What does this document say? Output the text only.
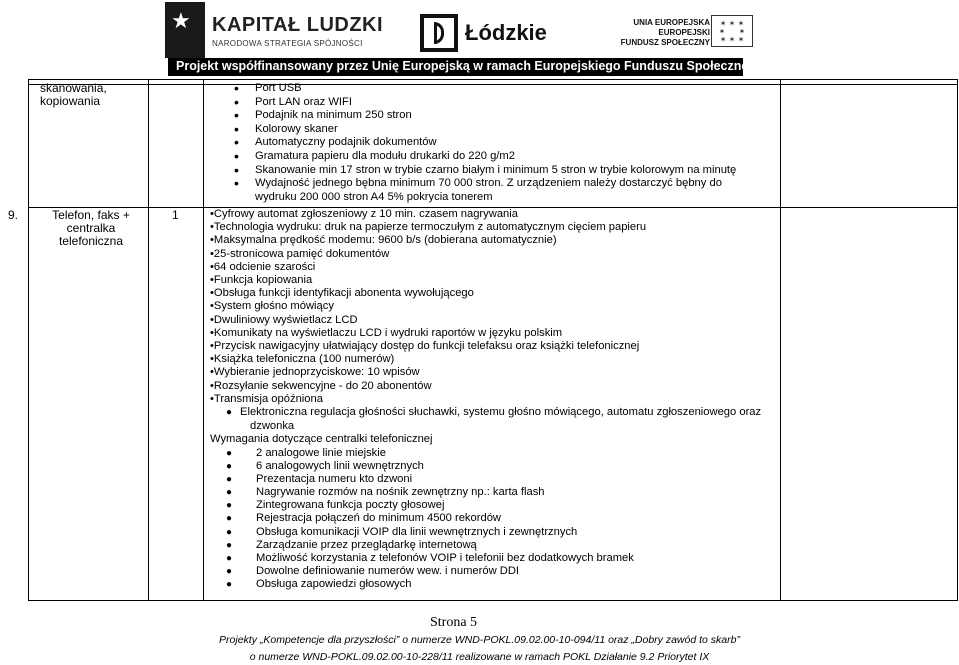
★ KAPITAŁ LUDZKI
NARODOWA STRATEGIA SPÓJNOŚCI	Łódzkie	UNIA EUROPEJSKA
EUROPEJSKI
FUNDUSZ SPOŁECZNY
✶ ✶ ✶
✶      ✶
✶ ✶ ✶
Projekt współfinansowany przez Unię Europejską w ramach Europejskiego Funduszu Społecznego
skanowania,
kopiowania
• Port USB
• Port LAN oraz WIFI
• Podajnik na minimum 250 stron
• Kolorowy skaner
• Automatyczny podajnik dokumentów
• Gramatura papieru dla modułu drukarki do 220 g/m2
• Skanowanie min 17 stron w trybie czarno białym i minimum 5 stron w trybie kolorowym na minutę
• Wydajność jednego bębna minimum 70 000 stron. Z urządzeniem należy dostarczyć bębny do
wydruku 200 000 stron A4 5% pokrycia tonerem
9.	Telefon, faks +
centralka
telefoniczna
1	•Cyfrowy automat zgłoszeniowy z 10 min. czasem nagrywania
•Technologia wydruku: druk na papierze termoczułym z automatycznym cięciem papieru
•Maksymalna prędkość modemu: 9600 b/s (dobierana automatycznie)
•25-stronicowa pamięć dokumentów
•64 odcienie szarości
•Funkcja kopiowania
•Obsługa funkcji identyfikacji abonenta wywołującego
•System głośno mówiący
•Dwuliniowy wyświetlacz LCD
•Komunikaty na wyświetlaczu LCD i wydruki raportów w języku polskim
•Przycisk nawigacyjny ułatwiający dostęp do funkcji telefaksu oraz książki telefonicznej
•Książka telefoniczna (100 numerów)
•Wybieranie jednoprzyciskowe: 10 wpisów
•Rozsyłanie sekwencyjne - do 20 abonentów
•Transmisja opóźniona
● Elektroniczna regulacja głośności słuchawki, systemu głośno mówiącego, automatu zgłoszeniowego oraz
dzwonka
Wymagania dotyczące centralki telefonicznej
● 2 analogowe linie miejskie
● 6 analogowych linii wewnętrznych
● Prezentacja numeru kto dzwoni
● Nagrywanie rozmów na nośnik zewnętrzny np.: karta flash
● Zintegrowana funkcja poczty głosowej
● Rejestracja połączeń do minimum 4500 rekordów
● Obsługa komunikacji VOIP dla linii wewnętrznych i zewnętrznych
● Zarządzanie przez przeglądarkę internetową
● Możliwość korzystania z telefonów VOIP i telefonii bez dodatkowych bramek
● Dowolne definiowanie numerów wew. i numerów DDI
● Obsługa zapowiedzi głosowych
Strona 5
Projekty „Kompetencje dla przyszłości” o numerze WND-POKL.09.02.00-10-094/11 oraz „Dobry zawód to skarb”
o numerze WND-POKL.09.02.00-10-228/11 realizowane w ramach POKL Działanie 9.2 Priorytet IX
